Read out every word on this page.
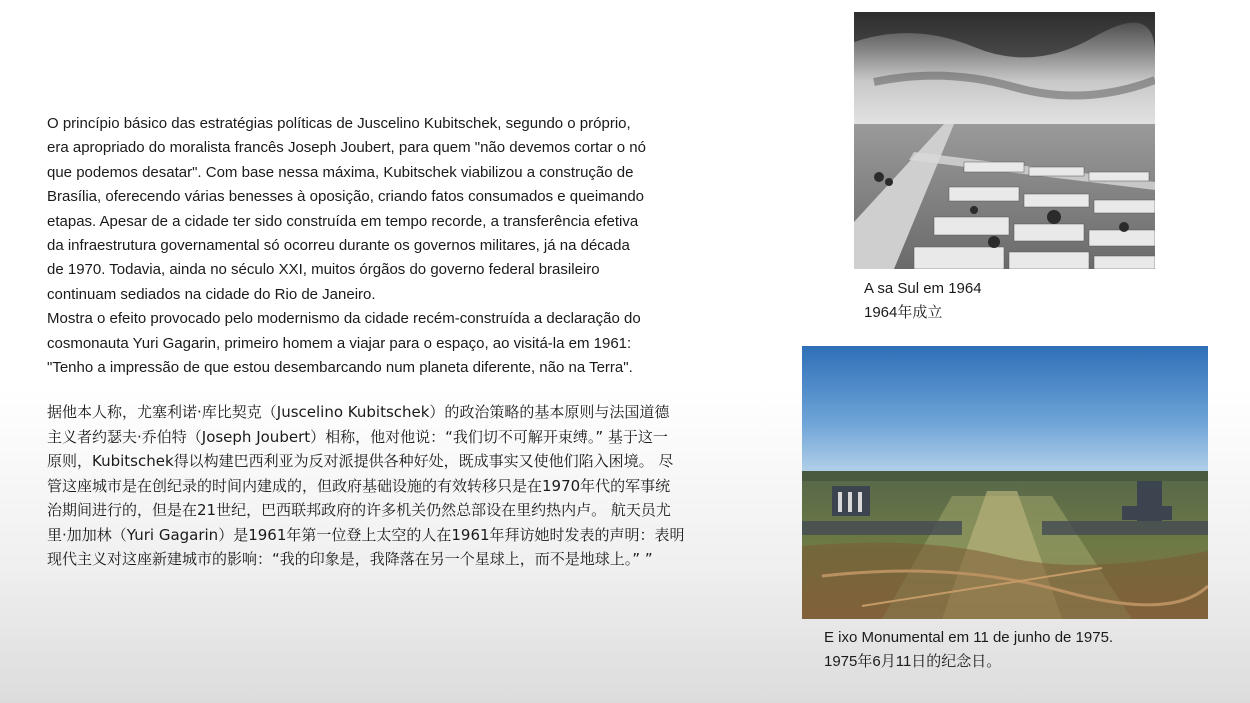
O princípio básico das estratégias políticas de Juscelino Kubitschek, segundo o próprio,
era apropriado do moralista francês Joseph Joubert, para quem "não devemos cortar o nó
que podemos desatar". Com base nessa máxima, Kubitschek viabilizou a construção de
Brasília, oferecendo várias benesses à oposição, criando fatos consumados e queimando
etapas. Apesar de a cidade ter sido construída em tempo recorde, a transferência efetiva
da infraestrutura governamental só ocorreu durante os governos militares, já na década
de 1970. Todavia, ainda no século XXI, muitos órgãos do governo federal brasileiro
continuam sediados na cidade do Rio de Janeiro.
Mostra o efeito provocado pelo modernismo da cidade recém-construída a declaração do
cosmonauta Yuri Gagarin, primeiro homem a viajar para o espaço, ao visitá-la em 1961:
"Tenho a impressão de que estou desembarcando num planeta diferente, não na Terra".

据他本人称，尤塞利诺·库比契克（Juscelino Kubitschek）的政治策略的基本原则与法国道德
主义者约瑟夫·乔伯特（Joseph Joubert）相称，他对他说：“我们切不可解开束缚。” 基于这一
原则，Kubitschek得以构建巴西利亚为反对派提供各种好处，既成事实又使他们陷入困境。 尽
管这座城市是在创纪录的时间内建成的，但政府基础设施的有效转移只是在1970年代的军事统
治期间进行的，但是在21世纪，巴西联邦政府的许多机关仍然总部设在里约热内卢。 航天员尤
里·加加林（Yuri Gagarin）是1961年第一位登上太空的人在1961年拜访她时发表的声明：表明
现代主义对这座新建城市的影响：“我的印象是，我降落在另一个星球上，而不是地球上。” ”

A sa Sul em 1964
1964年成立
E ixo Monumental em 11 de junho de 1975.
1975年6月11日的纪念日。
